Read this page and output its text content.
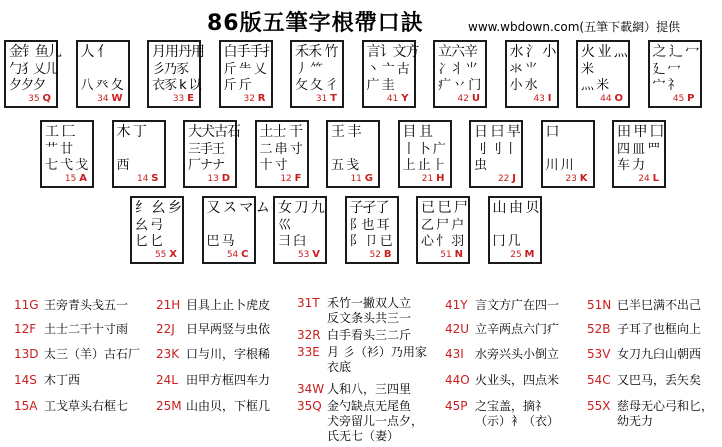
86版五筆字根帶口訣	www.wbdown.com(五筆下載網）提供
金钅鱼儿
勹犭乂儿
夕夕夕
35 Q
人 亻
八 癶 夂
34 W
月用丹用
彡乃豕
衣豕 k 以
33 E
白手手扌
斤 ⺧ 乂
斤 斤
32 R
禾禾 竹
丿 ⺮
攵 夂 彳
31 T
言讠文方
丶 亠 古
广 圭
41 Y
立六辛
冫丬 ⺌
疒 丷 门
42 U
水 氵 小
氺 ⺌
小 水
43 I
火 业 灬
米
灬 米
44 O
之 辶 冖
廴 冖
宀 礻
45 P
工 匚
艹 廿
七 弋 戈
15 A
木 丁
西
14 S
大犬古石
三手王
厂ナナ
13 D
土士 干
二 串 寸
十 寸
12 F
王 丰
五 戋
11 G
目 且
丨 卜 广
上 止 ⺊
21 H
日 曰 早
刂 刂 丨
虫
22 J
口
川 川
23 K
田 甲 囗
四 皿 罒
车 力
24 L
纟 幺 乡
幺 弓
匕 匕
55 X
又 ス マ ム
巴 马
54 C
女 刀 九
巛
彐 臼
53 V
子孑了
阝也 耳
阝 卩 已
52 B
已 巳 尸
乙 尸 户
心 忄 羽
51 N
山 由 贝
冂 几
25 M
11G 王旁青头戋五一
12F 土士二干十寸雨
13D 太三（羊）古石厂
14S 木丁西
15A 工戈草头右框七
21H 目具上止卜虎皮
22J 日早两竖与虫依
23K 口与川，字根稀
24L 田甲方框四车力
25M 山由贝，下框几
31T 禾竹一撇双人立
反文条头共三一
32R 白手看头三二斤
33E 月 彡（衫）乃用家
衣底
34W 人和八，三四里
35Q 金勺缺点无尾鱼
犬旁留儿一点夕，
氏无七（妻）
41Y 言文方广在四一
42U 立辛两点六门疒
43I 水旁兴头小倒立
44O 火业头，四点米
45P 之宝盖，摘礻
（示）衤（衣）
51N 已半巳满不出己
52B 子耳了也框向上
53V 女刀九臼山朝西
54C 又巴马，丢矢矣
55X 慈母无心弓和匕，
幼无力
